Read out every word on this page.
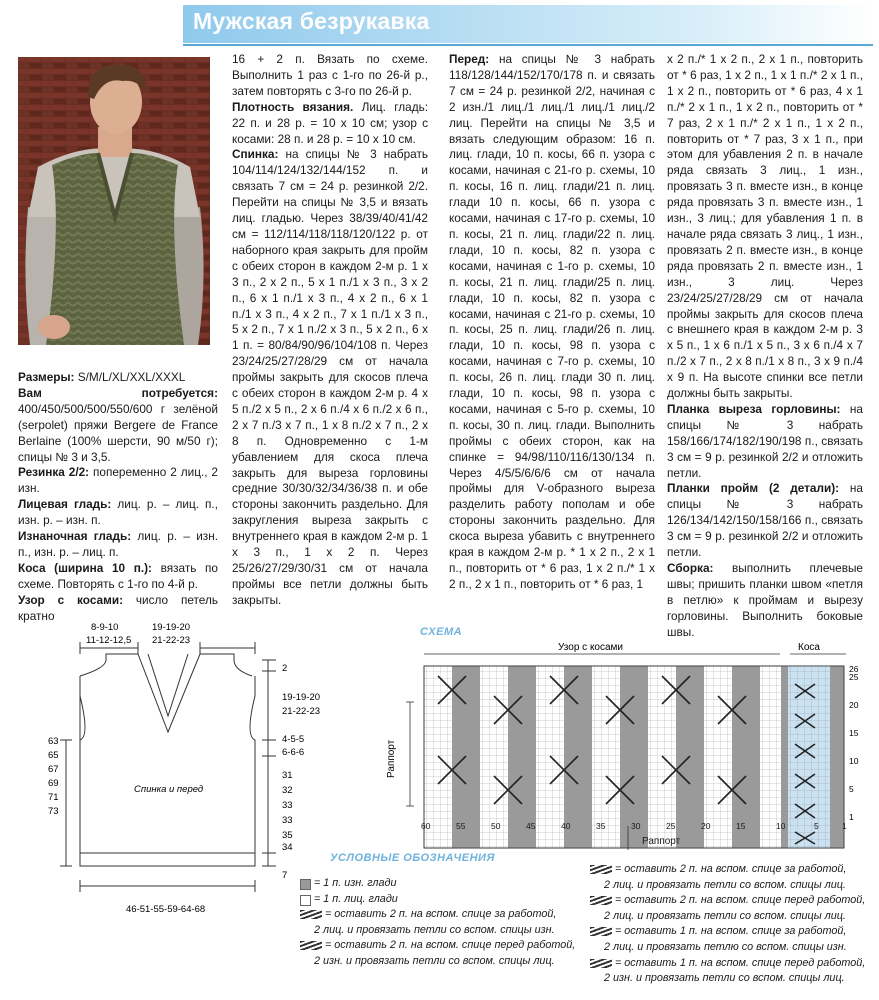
Мужская безрукавка

Размеры: S/M/L/XL/XXL/XXXL

Вам потребуется: 400/450/500/500/550/600 г зелёной (serpolet) пряжи Bergere de France Berlaine (100% шерсти, 90 м/50 г); спицы № 3 и 3,5.

Резинка 2/2: попеременно 2 лиц., 2 изн.

Лицевая гладь: лиц. р. – лиц. п., изн. р. – изн. п.

Изнаночная гладь: лиц. р. – изн. п., изн. р. – лиц. п.

Коса (ширина 10 п.): вязать по схеме. Повторять с 1-го по 4-й р.

Узор с косами: число петель кратно

16 + 2 п. Вязать по схеме. Выполнить 1 раз с 1-го по 26-й р., затем повторять с 3-го по 26-й р.

Плотность вязания. Лиц. гладь: 22 п. и 28 р. = 10 х 10 см; узор с косами: 28 п. и 28 р. = 10 х 10 см.

Спинка: на спицы № 3 набрать 104/114/124/132/144/152 п. и связать 7 см = 24 р. резинкой 2/2. Перейти на спицы № 3,5 и вязать лиц. гладью. Через 38/39/40/41/42 см = 112/114/118/118/120/122 р. от наборного края закрыть для пройм с обеих сторон в каждом 2-м р. 1 х 3 п., 2 х 2 п., 5 х 1 п./1 х 3 п., 3 х 2 п., 6 х 1 п./1 х 3 п., 4 х 2 п., 6 х 1 п./1 х 3 п., 4 х 2 п., 7 х 1 п./1 х 3 п., 5 х 2 п., 7 х 1 п./2 х 3 п., 5 х 2 п., 6 х 1 п. = 80/84/90/96/104/108 п. Через 23/24/25/27/28/29 см от начала проймы закрыть для скосов плеча с обеих сторон в каждом 2-м р. 4 х 5 п./2 х 5 п., 2 х 6 п./4 х 6 п./2 х 6 п., 2 х 7 п./3 х 7 п., 1 х 8 п./2 х 7 п., 2 х 8 п. Одновременно с 1-м убавлением для скоса плеча закрыть для выреза горловины средние 30/30/32/34/36/38 п. и обе стороны закончить раздельно. Для закругления выреза закрыть с внутреннего края в каждом 2-м р. 1 х 3 п., 1 х 2 п. Через 25/26/27/29/30/31 см от начала проймы все петли должны быть закрыты.

Перед: на спицы № 3 набрать 118/128/144/152/170/178 п. и связать 7 см = 24 р. резинкой 2/2, начиная с 2 изн./1 лиц./1 лиц./1 лиц./1 лиц./2 лиц. Перейти на спицы № 3,5 и вязать следующим образом: 16 п. лиц. глади, 10 п. косы, 66 п. узора с косами, начиная с 21-го р. схемы, 10 п. косы, 16 п. лиц. глади/21 п. лиц. глади 10 п. косы, 66 п. узора с косами, начиная с 17-го р. схемы, 10 п. косы, 21 п. лиц. глади/22 п. лиц. глади, 10 п. косы, 82 п. узора с косами, начиная с 1-го р. схемы, 10 п. косы, 21 п. лиц. глади/25 п. лиц. глади, 10 п. косы, 82 п. узора с косами, начиная с 21-го р. схемы, 10 п. косы, 25 п. лиц. глади/26 п. лиц. глади, 10 п. косы, 98 п. узора с косами, начиная с 7-го р. схемы, 10 п. косы, 26 п. лиц. глади 30 п. лиц. глади, 10 п. косы, 98 п. узора с косами, начиная с 5-го р. схемы, 10 п. косы, 30 п. лиц. глади. Выполнить проймы с обеих сторон, как на спинке = 94/98/110/116/130/134 п. Через 4/5/5/6/6/6 см от начала проймы для V-образного выреза разделить работу пополам и обе стороны закончить раздельно. Для скоса выреза убавить с внутреннего края в каждом 2-м р. * 1 х 2 п., 2 х 1 п., повторить от * 6 раз, 1 х 2 п./* 1 х 2 п., 2 х 1 п., повторить от * 6 раз, 1

х 2 п./* 1 х 2 п., 2 х 1 п., повторить от * 6 раз, 1 х 2 п., 1 х 1 п./* 2 х 1 п., 1 х 2 п., повторить от * 6 раз, 4 х 1 п./* 2 х 1 п., 1 х 2 п., повторить от * 7 раз, 2 х 1 п./* 2 х 1 п., 1 х 2 п., повторить от * 7 раз, 3 х 1 п., при этом для убавления 2 п. в начале ряда связать 3 лиц., 1 изн., провязать 3 п. вместе изн., в конце ряда провязать 3 п. вместе изн., 1 изн., 3 лиц.; для убавления 1 п. в начале ряда связать 3 лиц., 1 изн., провязать 2 п. вместе изн., в конце ряда провязать 2 п. вместе изн., 1 изн., 3 лиц. Через 23/24/25/27/28/29 см от начала проймы закрыть для скосов плеча с внешнего края в каждом 2-м р. 3 х 5 п., 1 х 6 п./1 х 5 п., 3 х 6 п./4 х 7 п./2 х 7 п., 2 х 8 п./1 х 8 п., 3 х 9 п./4 х 9 п. На высоте спинки все петли должны быть закрыты.

Планка выреза горловины: на спицы № 3 набрать 158/166/174/182/190/198 п., связать 3 см = 9 р. резинкой 2/2 и отложить петли.

Планки пройм (2 детали): на спицы № 3 набрать 126/134/142/150/158/166 п., связать 3 см = 9 р. резинкой 2/2 и отложить петли.

Сборка: выполнить плечевые швы; пришить планки швом «петля в петлю» к проймам и вырезу горловины. Выполнить боковые швы.

8-9-10
11-12-12,5
19-19-20
21-22-23
2
19-19-20
21-22-23
4-5-5
6-6-6
31
32
33
33
35
34
7
63
65
67
69
71
73
Спинка и перед
46-51-55-59-64-68
СХЕМА
Узор с косами	Коса
Раппорт
26
25
20
15
10
5
1
60	55	50	45	40	35	30	25	20	15	10	5	1
Раппорт
УСЛОВНЫЕ ОБОЗНАЧЕНИЯ
= 1 п. изн. глади
= 1 п. лиц. глади
= оставить 2 п. на вспом. спице за работой,
2 лиц. и провязать петли со вспом. спицы изн.
= оставить 2 п. на вспом. спице перед работой,
2 изн. и провязать петли со вспом. спицы лиц.
= оставить 2 п. на вспом. спице за работой,
2 лиц. и провязать петли со вспом. спицы лиц.
= оставить 2 п. на вспом. спице перед работой,
2 лиц. и провязать петли со вспом. спицы лиц.
= оставить 1 п. на вспом. спице за работой,
2 лиц. и провязать петлю со вспом. спицы изн.
= оставить 1 п. на вспом. спице перед работой,
2 изн. и провязать петли со вспом. спицы лиц.
